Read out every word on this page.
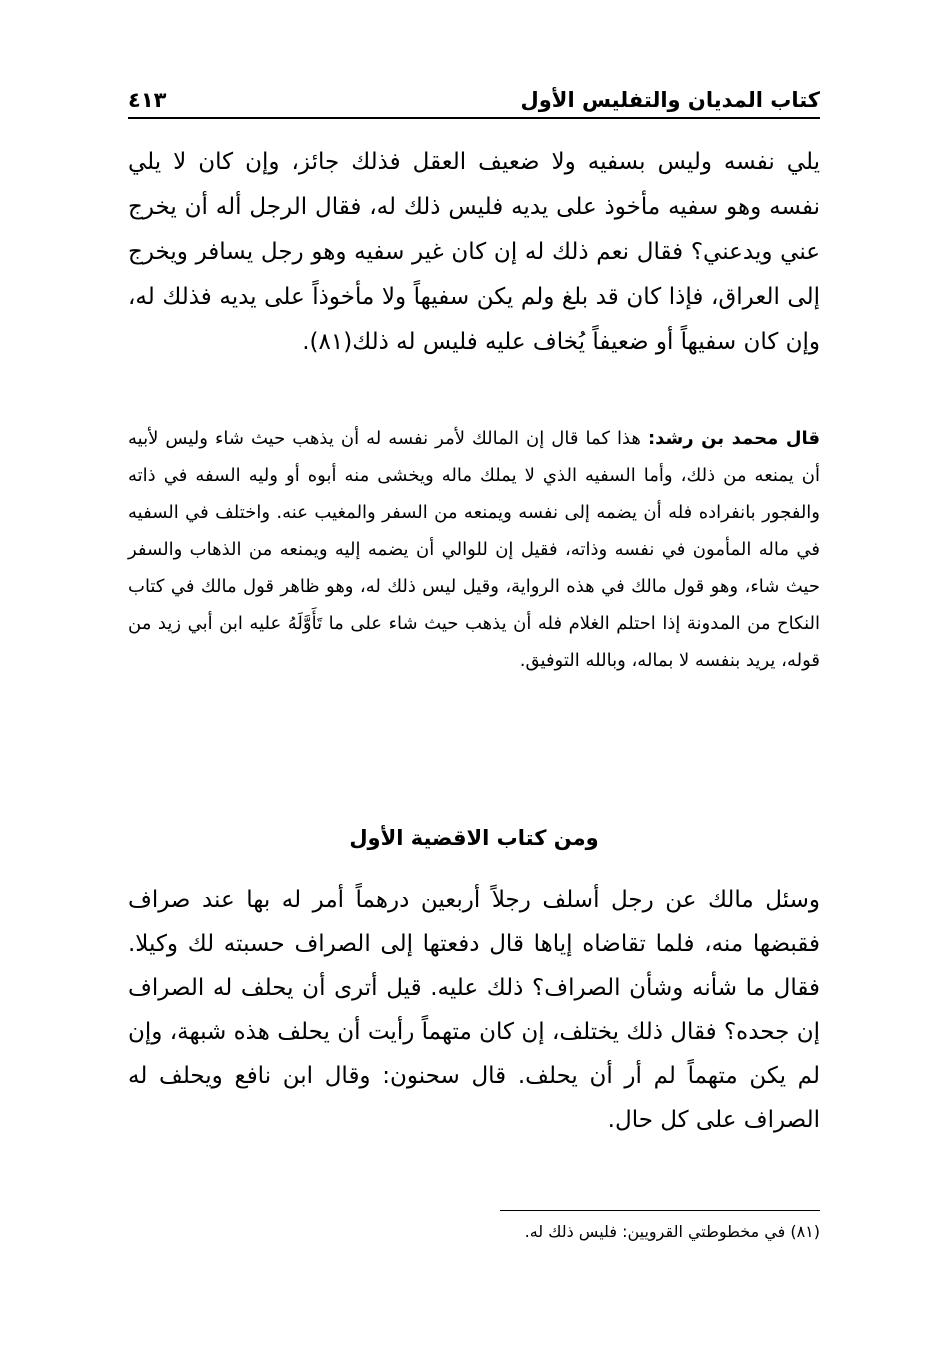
كتاب المديان والتفليس الأول
٤١٣

يلي نفسه وليس بسفيه ولا ضعيف العقل فذلك جائز، وإن كان لا يلي نفسه وهو سفيه مأخوذ على يديه فليس ذلك له، فقال الرجل أله أن يخرج عني ويدعني؟ فقال نعم ذلك له إن كان غير سفيه وهو رجل يسافر ويخرج إلى العراق، فإذا كان قد بلغ ولم يكن سفيهاً ولا مأخوذاً على يديه فذلك له، وإن كان سفيهاً أو ضعيفاً يُخاف عليه فليس له ذلك(٨١).

قال محمد بن رشد: هذا كما قال إن المالك لأمر نفسه له أن يذهب حيث شاء وليس لأبيه أن يمنعه من ذلك، وأما السفيه الذي لا يملك ماله ويخشى منه أبوه أو وليه السفه في ذاته والفجور بانفراده فله أن يضمه إلى نفسه ويمنعه من السفر والمغيب عنه. واختلف في السفيه في ماله المأمون في نفسه وذاته، فقيل إن للوالي أن يضمه إليه ويمنعه من الذهاب والسفر حيث شاء، وهو قول مالك في هذه الرواية، وقيل ليس ذلك له، وهو ظاهر قول مالك في كتاب النكاح من المدونة إذا احتلم الغلام فله أن يذهب حيث شاء على ما تَأَوَّلَهُ عليه ابن أبي زيد من قوله، يريد بنفسه لا بماله، وبالله التوفيق.

ومن كتاب الاقضية الأول

وسئل مالك عن رجل أسلف رجلاً أربعين درهماً أمر له بها عند صراف فقبضها منه، فلما تقاضاه إياها قال دفعتها إلى الصراف حسبته لك وكيلا. فقال ما شأنه وشأن الصراف؟ ذلك عليه. قيل أترى أن يحلف له الصراف إن جحده؟ فقال ذلك يختلف، إن كان متهماً رأيت أن يحلف هذه شبهة، وإن لم يكن متهماً لم أر أن يحلف. قال سحنون: وقال ابن نافع ويحلف له الصراف على كل حال.

(٨١) في مخطوطتي القرويين: فليس ذلك له.
